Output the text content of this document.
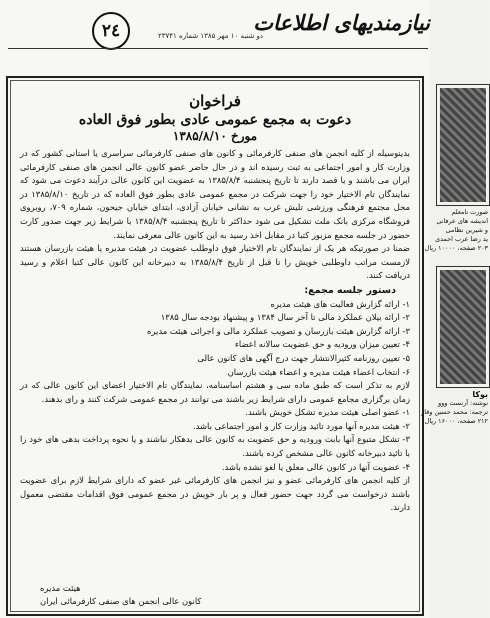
٢٤	دو شنبه ۱۰ مهر ۱۳۸۵ شماره ۲۳۷۴۱
نیازمندیهای اطلاعات
فراخوان
دعوت به مجمع عمومی عادی بطور فوق العاده
مورخ ۱۳۸۵/۸/۱۰

بدینوسیله از کلیه انجمن های صنفی کارفرمائی و کانون های صنفی کارفرمائی سراسری یا استانی کشور که در وزارت کار و امور اجتماعی به ثبت رسیده اند و در حال حاضر عضو کانون عالی انجمن های صنفی کارفرمائی ایران می باشند و یا قصد دارند تا تاریخ پنجشنبه ۱۳۸۵/۸/۴ به عضویت این کانون عالی درآیند دعوت می شود که نمایندگان تام الاختیار خود را جهت شرکت در مجمع عمومی عادی بطور فوق العاده که در تاریخ ۱۳۸۵/۸/۱۰ در محل مجتمع فرهنگی ورزشی تلیش غرب به نشانی خیابان آزادی، ابتدای خیابان جیحون، شماره ۷۰۹، روبروی فروشگاه مرکزی بانک ملت تشکیل می شود حداکثر تا تاریخ پنجشنبه ۱۳۸۵/۸/۴ با شرایط زیر جهت صدور کارت حضور در جلسه مجمع مزبور کتبا در مقابل اخذ رسید به این کانون عالی معرفی نمایند.

ضمنا در صورتیکه هر یک از نمایندگان تام الاختیار فوق داوطلب عضویت در هیئت مدیره یا هیئت بازرسان هستند لازمست مراتب داوطلبی خویش را تا قبل از تاریخ ۱۳۸۵/۸/۴ به دبیرخانه این کانون عالی کتبا اعلام و رسید دریافت کنند.

دستور جلسه مجمع:

۱- ارائه گزارش فعالیت های هیئت مدیره

۲- ارائه بیلان عملکرد مالی تا آخر سال ۱۳۸۴ و پیشنهاد بودجه سال ۱۳۸۵

۳- ارائه گزارش هیئت بازرسان و تصویب عملکرد مالی و اجرائی هیئت مدیره

۴- تعیین میزان ورودیه و حق عضویت سالانه اعضاء

۵- تعیین روزنامه کثیرالانتشار جهت درج آگهی های کانون عالی

۶- انتخاب اعضاء هیئت مدیره و اعضاء هیئت بازرسان

لازم به تذکر است که طبق ماده سی و هشتم اساسنامه، نمایندگان تام الاختیار اعضای این کانون عالی که در زمان برگزاری مجامع عمومی دارای شرایط زیر باشند می توانند در مجمع عمومی شرکت کنند و رای بدهند.

۱- عضو اصلی هیئت مدیره تشکل خویش باشند.

۲- هیئت مدیره آنها مورد تائید وزارت کار و امور اجتماعی باشد.

۳- تشکل متبوع آنها بابت ورودیه و حق عضویت به کانون عالی بدهکار نباشند و یا نحوه پرداخت بدهی های خود را با تائید دبیرخانه کانون عالی مشخص کرده باشند.

۴- عضویت آنها در کانون عالی معلق یا لغو نشده باشد.

از کلیه انجمن های کارفرمائی عضو و نیز انجمن های کارفرمائی غیر عضو که دارای شرایط لازم برای عضویت باشند درخواست می گردد جهت حضور فعال و پر بار خویش در مجمع عمومی فوق اقدامات مقتضی معمول دارند.

هیئت مدیره
کانون عالی انجمن های صنفی کارفرمائی ایران
صورت نامعلم
اندیشه های عرفانی
و شیرین نظامی
ید رضا عرب احمدی
۲۰۳ صفحه، ۱۰۰۰۰ ریال
بوکا
نوشته: آرنست ووو
ترجمه: محمد حسین وقار
۲۱۲ صفحه، ۱۶۰۰۰ ریال
